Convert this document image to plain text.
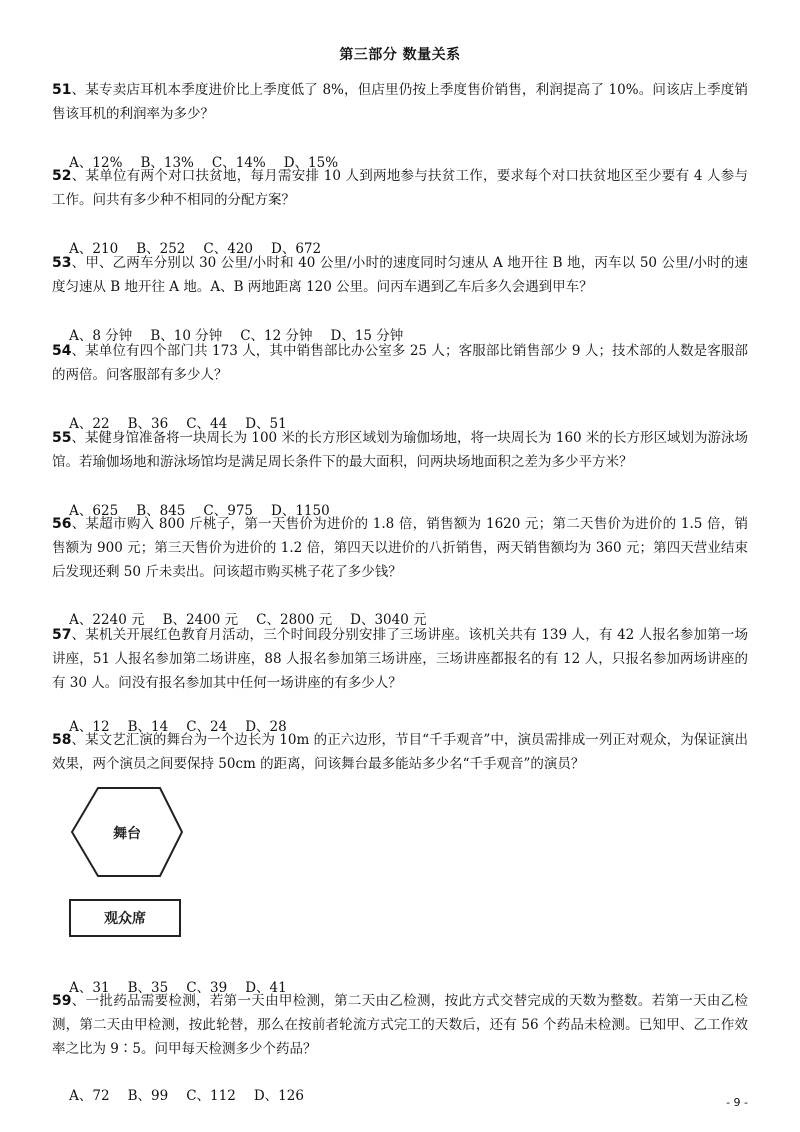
第三部分 数量关系
51、某专卖店耳机本季度进价比上季度低了 8%，但店里仍按上季度售价销售，利润提高了 10%。问该店上季度销售该耳机的利润率为多少？

A、12% B、13% C、14% D、15%

52、某单位有两个对口扶贫地，每月需安排 10 人到两地参与扶贫工作，要求每个对口扶贫地区至少要有 4 人参与工作。问共有多少种不相同的分配方案？

A、210 B、252 C、420 D、672

53、甲、乙两车分别以 30 公里/小时和 40 公里/小时的速度同时匀速从 A 地开往 B 地，丙车以 50 公里/小时的速度匀速从 B 地开往 A 地。A、B 两地距离 120 公里。问丙车遇到乙车后多久会遇到甲车？

A、8 分钟 B、10 分钟 C、12 分钟 D、15 分钟

54、某单位有四个部门共 173 人，其中销售部比办公室多 25 人；客服部比销售部少 9 人；技术部的人数是客服部的两倍。问客服部有多少人？

A、22 B、36 C、44 D、51

55、某健身馆准备将一块周长为 100 米的长方形区域划为瑜伽场地，将一块周长为 160 米的长方形区域划为游泳场馆。若瑜伽场地和游泳场馆均是满足周长条件下的最大面积，问两块场地面积之差为多少平方米？

A、625 B、845 C、975 D、1150

56、某超市购入 800 斤桃子，第一天售价为进价的 1.8 倍，销售额为 1620 元；第二天售价为进价的 1.5 倍，销售额为 900 元；第三天售价为进价的 1.2 倍，第四天以进价的八折销售，两天销售额均为 360 元；第四天营业结束后发现还剩 50 斤未卖出。问该超市购买桃子花了多少钱？

A、2240 元 B、2400 元 C、2800 元 D、3040 元

57、某机关开展红色教育月活动，三个时间段分别安排了三场讲座。该机关共有 139 人，有 42 人报名参加第一场讲座，51 人报名参加第二场讲座，88 人报名参加第三场讲座，三场讲座都报名的有 12 人，只报名参加两场讲座的有 30 人。问没有报名参加其中任何一场讲座的有多少人？

A、12 B、14 C、24 D、28

58、某文艺汇演的舞台为一个边长为 10m 的正六边形，节目“千手观音”中，演员需排成一列正对观众，为保证演出效果，两个演员之间要保持 50cm 的距离，问该舞台最多能站多少名“千手观音”的演员？
舞台
观众席

A、31 B、35 C、39 D、41

59、一批药品需要检测，若第一天由甲检测，第二天由乙检测，按此方式交替完成的天数为整数。若第一天由乙检测，第二天由甲检测，按此轮替，那么在按前者轮流方式完工的天数后，还有 56 个药品未检测。已知甲、乙工作效率之比为 9∶5。问甲每天检测多少个药品？

A、72 B、99 C、112 D、126
	- 9 -
